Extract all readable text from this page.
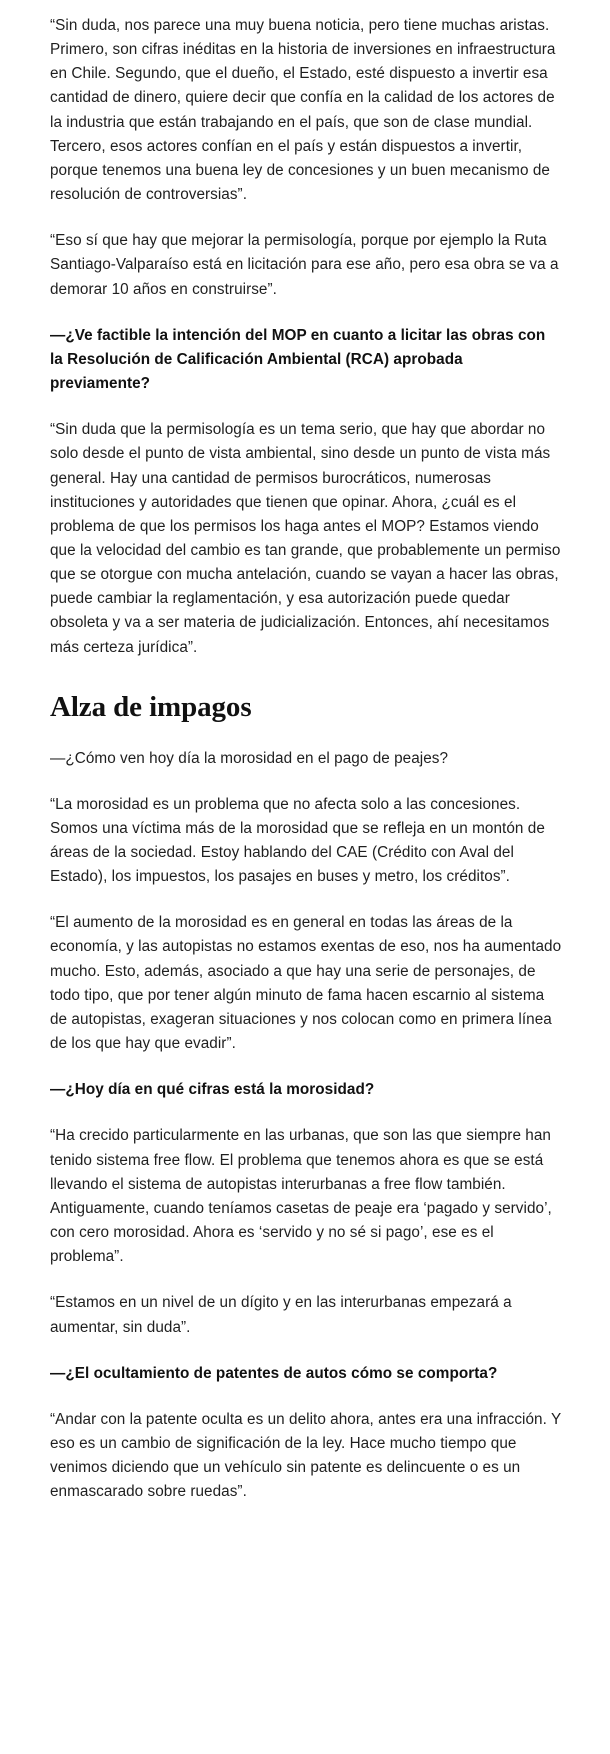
“Sin duda, nos parece una muy buena noticia, pero tiene muchas aristas. Primero, son cifras inéditas en la historia de inversiones en infraestructura en Chile. Segundo, que el dueño, el Estado, esté dispuesto a invertir esa cantidad de dinero, quiere decir que confía en la calidad de los actores de la industria que están trabajando en el país, que son de clase mundial. Tercero, esos actores confían en el país y están dispuestos a invertir, porque tenemos una buena ley de concesiones y un buen mecanismo de resolución de controversias”.

“Eso sí que hay que mejorar la permisología, porque por ejemplo la Ruta Santiago-Valparaíso está en licitación para ese año, pero esa obra se va a demorar 10 años en construirse”.

—¿Ve factible la intención del MOP en cuanto a licitar las obras con la Resolución de Calificación Ambiental (RCA) aprobada previamente?

“Sin duda que la permisología es un tema serio, que hay que abordar no solo desde el punto de vista ambiental, sino desde un punto de vista más general. Hay una cantidad de permisos burocráticos, numerosas instituciones y autoridades que tienen que opinar. Ahora, ¿cuál es el problema de que los permisos los haga antes el MOP? Estamos viendo que la velocidad del cambio es tan grande, que probablemente un permiso que se otorgue con mucha antelación, cuando se vayan a hacer las obras, puede cambiar la reglamentación, y esa autorización puede quedar obsoleta y va a ser materia de judicialización. Entonces, ahí necesitamos más certeza jurídica”.

Alza de impagos

—¿Cómo ven hoy día la morosidad en el pago de peajes?

“La morosidad es un problema que no afecta solo a las concesiones. Somos una víctima más de la morosidad que se refleja en un montón de áreas de la sociedad. Estoy hablando del CAE (Crédito con Aval del Estado), los impuestos, los pasajes en buses y metro, los créditos”.

“El aumento de la morosidad es en general en todas las áreas de la economía, y las autopistas no estamos exentas de eso, nos ha aumentado mucho. Esto, además, asociado a que hay una serie de personajes, de todo tipo, que por tener algún minuto de fama hacen escarnio al sistema de autopistas, exageran situaciones y nos colocan como en primera línea de los que hay que evadir”.

—¿Hoy día en qué cifras está la morosidad?

“Ha crecido particularmente en las urbanas, que son las que siempre han tenido sistema free flow. El problema que tenemos ahora es que se está llevando el sistema de autopistas interurbanas a free flow también. Antiguamente, cuando teníamos casetas de peaje era ‘pagado y servido’, con cero morosidad. Ahora es ‘servido y no sé si pago’, ese es el problema”.

“Estamos en un nivel de un dígito y en las interurbanas empezará a aumentar, sin duda”.

—¿El ocultamiento de patentes de autos cómo se comporta?

“Andar con la patente oculta es un delito ahora, antes era una infracción. Y eso es un cambio de significación de la ley. Hace mucho tiempo que venimos diciendo que un vehículo sin patente es delincuente o es un enmascarado sobre ruedas”.
